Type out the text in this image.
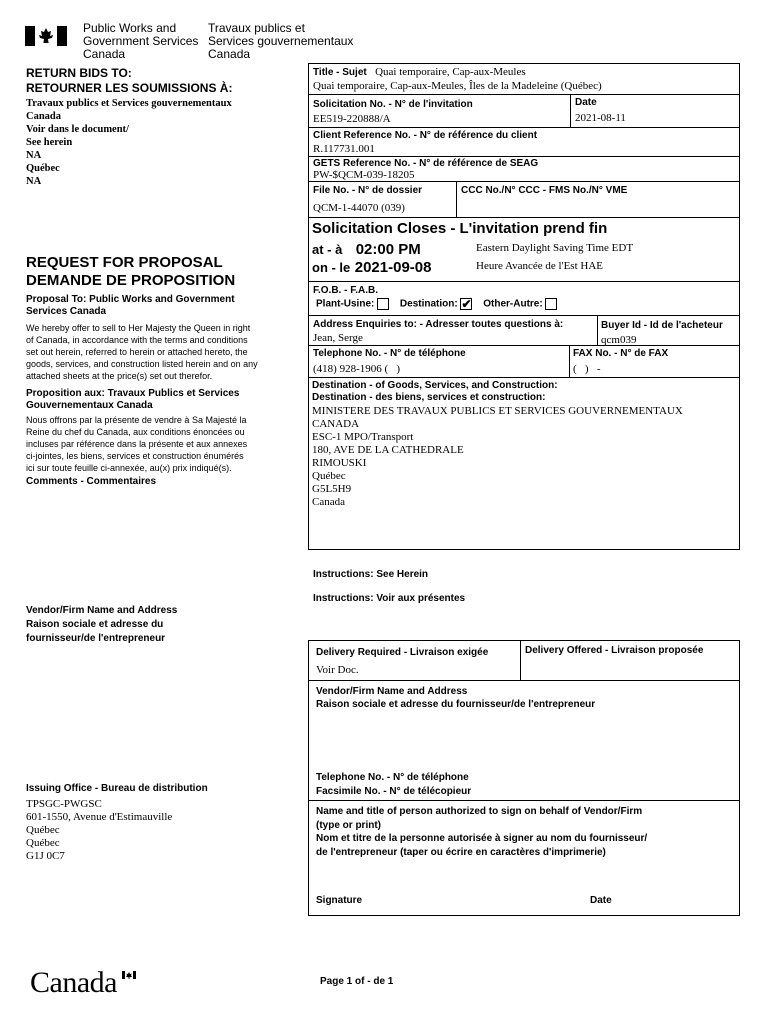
Public Works and
Government Services
Canada
Travaux publics et
Services gouvernementaux
Canada
RETURN BIDS TO:
RETOURNER LES SOUMISSIONS À:
Travaux publics et Services gouvernementaux
Canada
Voir dans le document/
See herein
NA
Québec
NA
REQUEST FOR PROPOSAL
DEMANDE DE PROPOSITION
Proposal To: Public Works and Government
Services Canada
We hereby offer to sell to Her Majesty the Queen in right
of Canada, in accordance with the terms and conditions
set out herein, referred to herein or attached hereto, the
goods, services, and construction listed herein and on any
attached sheets at the price(s) set out therefor.
Proposition aux: Travaux Publics et Services
Gouvernementaux Canada
Nous offrons par la présente de vendre à Sa Majesté la
Reine du chef du Canada, aux conditions énoncées ou
incluses par référence dans la présente et aux annexes
ci-jointes, les biens, services et construction énumérés
ici sur toute feuille ci-annexée, au(x) prix indiqué(s).
Comments - Commentaires
Vendor/Firm Name and Address
Raison sociale et adresse du
fournisseur/de l'entrepreneur
Issuing Office - Bureau de distribution
TPSGC-PWGSC
601-1550, Avenue d'Estimauville
Québec
Québec
G1J 0C7
Title - Sujet Quai temporaire, Cap-aux-Meules
Quai temporaire, Cap-aux-Meules, Îles de la Madeleine (Québec)
Solicitation No. - N° de l'invitation
EE519-220888/A
Date
2021-08-11
Client Reference No. - N° de référence du client
R.117731.001
GETS Reference No. - N° de référence de SEAG
PW-$QCM-039-18205
File No. - N° de dossier
QCM-1-44070 (039)
CCC No./N° CCC - FMS No./N° VME
Solicitation Closes - L'invitation prend fin
at - à 02:00 PM
on - le 2021-09-08
Eastern Daylight Saving Time EDT
Heure Avancée de l'Est HAE
F.O.B. - F.A.B.
Plant-Usine:	Destination: ✔ Other-Autre:
Address Enquiries to: - Adresser toutes questions à:
Jean, Serge
Buyer Id - Id de l'acheteur
qcm039
Telephone No. - N° de téléphone
(418) 928-1906 (   )
FAX No. - N° de FAX
(   )   -
Destination - of Goods, Services, and Construction:
Destination - des biens, services et construction:
MINISTERE DES TRAVAUX PUBLICS ET SERVICES GOUVERNEMENTAUX
CANADA
ESC-1 MPO/Transport
180, AVE DE LA CATHEDRALE
RIMOUSKI
Québec
G5L5H9
Canada
Instructions: See Herein
Instructions: Voir aux présentes
Delivery Required - Livraison exigée
Voir Doc.
Delivery Offered - Livraison proposée
Vendor/Firm Name and Address
Raison sociale et adresse du fournisseur/de l'entrepreneur
Telephone No. - N° de téléphone
Facsimile No. - N° de télécopieur
Name and title of person authorized to sign on behalf of Vendor/Firm
(type or print)
Nom et titre de la personne autorisée à signer au nom du fournisseur/
de l'entrepreneur (taper ou écrire en caractères d'imprimerie)
Signature	Date
Page 1 of - de 1
Canada
